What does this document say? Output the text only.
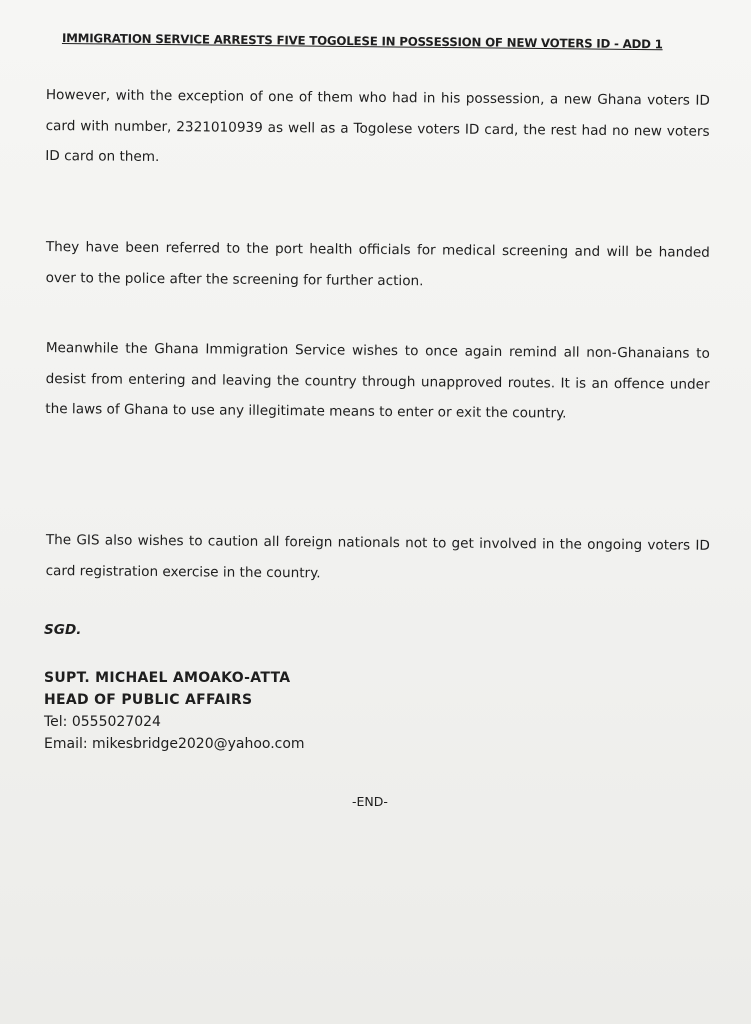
IMMIGRATION SERVICE ARRESTS FIVE TOGOLESE IN POSSESSION OF NEW VOTERS ID - ADD 1
However, with the exception of one of them who had in his possession, a new Ghana voters ID card with number, 2321010939 as well as a Togolese voters ID card, the rest had no new voters ID card on them.
They have been referred to the port health officials for medical screening and will be handed over to the police after the screening for further action.
Meanwhile the Ghana Immigration Service wishes to once again remind all non-Ghanaians to desist from entering and leaving the country through unapproved routes. It is an offence under the laws of Ghana to use any illegitimate means to enter or exit the country.
The GIS also wishes to caution all foreign nationals not to get involved in the ongoing voters ID card registration exercise in the country.
SGD.
SUPT. MICHAEL AMOAKO-ATTA
HEAD OF PUBLIC AFFAIRS
Tel: 0555027024
Email: mikesbridge2020@yahoo.com
-END-
